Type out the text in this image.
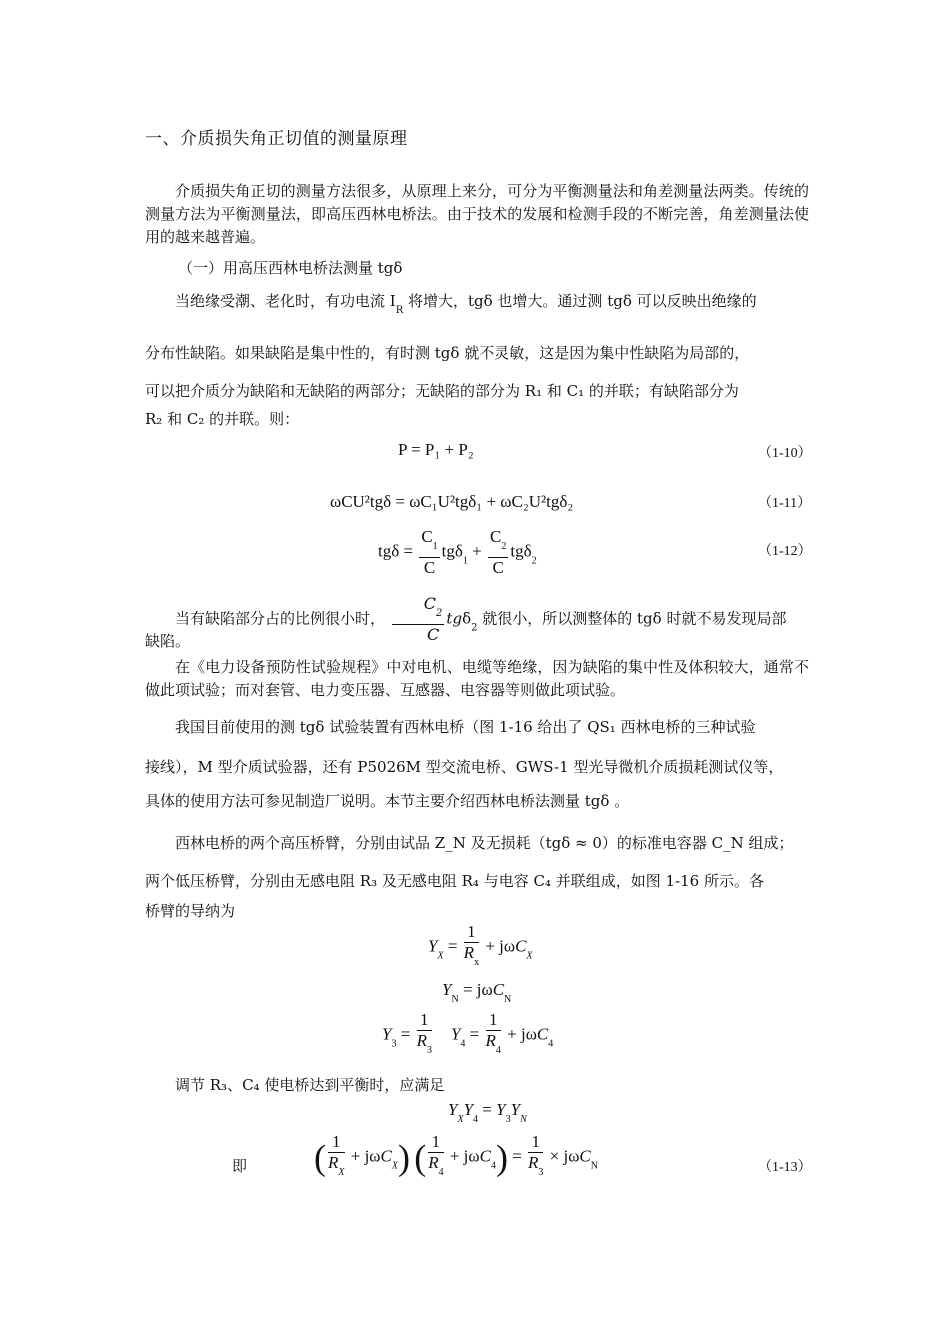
一、介质损失角正切值的测量原理
介质损失角正切的测量方法很多，从原理上来分，可分为平衡测量法和角差测量法两类。传统的测量方法为平衡测量法，即高压西林电桥法。由于技术的发展和检测手段的不断完善，角差测量法使用的越来越普遍。
（一）用高压西林电桥法测量 tgδ
当绝缘受潮、老化时，有功电流 $I_R$ 将增大，tgδ 也增大。通过测 tgδ 可以反映出绝缘的
分布性缺陷。如果缺陷是集中性的，有时测 tgδ 就不灵敏，这是因为集中性缺陷为局部的，
可以把介质分为缺陷和无缺陷的两部分；无缺陷的部分为 R₁ 和 C₁ 的并联；有缺陷部分为
R₂ 和 C₂ 的并联。则：
P = P₁ + P₂	（1-10）
ωCU²tgδ = ωC₁U²tgδ₁ + ωC₂U²tgδ₂	（1-11）
$tg\delta = \frac{C_1}{C} tg\delta_1 + \frac{C_2}{C} tg\delta_2$
（1-12）
当有缺陷部分占的比例很小时， $\frac{C_2}{C} tg\delta_2$ 就很小，所以测整体的 tgδ 时就不易发现局部
缺陷。
在《电力设备预防性试验规程》中对电机、电缆等绝缘，因为缺陷的集中性及体积较大，通常不做此项试验；而对套管、电力变压器、互感器、电容器等则做此项试验。
我国目前使用的测 tgδ 试验装置有西林电桥（图 1-16 给出了 QS₁ 西林电桥的三种试验
接线），M 型介质试验器，还有 P5026M 型交流电桥、GWS-1 型光导微机介质损耗测试仪等，
具体的使用方法可参见制造厂说明。本节主要介绍西林电桥法测量 tgδ 。
西林电桥的两个高压桥臂，分别由试品 Z_N 及无损耗（tgδ ≈ 0）的标准电容器 C_N 组成；
两个低压桥臂，分别由无感电阻 R₃ 及无感电阻 R₄ 与电容 C₄ 并联组成，如图 1-16 所示。各
桥臂的导纳为
$Y_X = \frac{1}{R_x} + j\omega C_X$
$Y_N = j\omega C_N$
$Y_3 = \frac{1}{R_3} Y_4 = \frac{1}{R_4} + j\omega C_4$
调节 R₃、C₄ 使电桥达到平衡时，应满足
$Y_XY_4 = Y_3Y_N$
即 ( $\frac{1}{R_X} + j\omega C_X$) ( $\frac{1}{R_4} + j\omega C_4) = \frac{1}{R_3} \times j\omega C_N$	（1-13）
